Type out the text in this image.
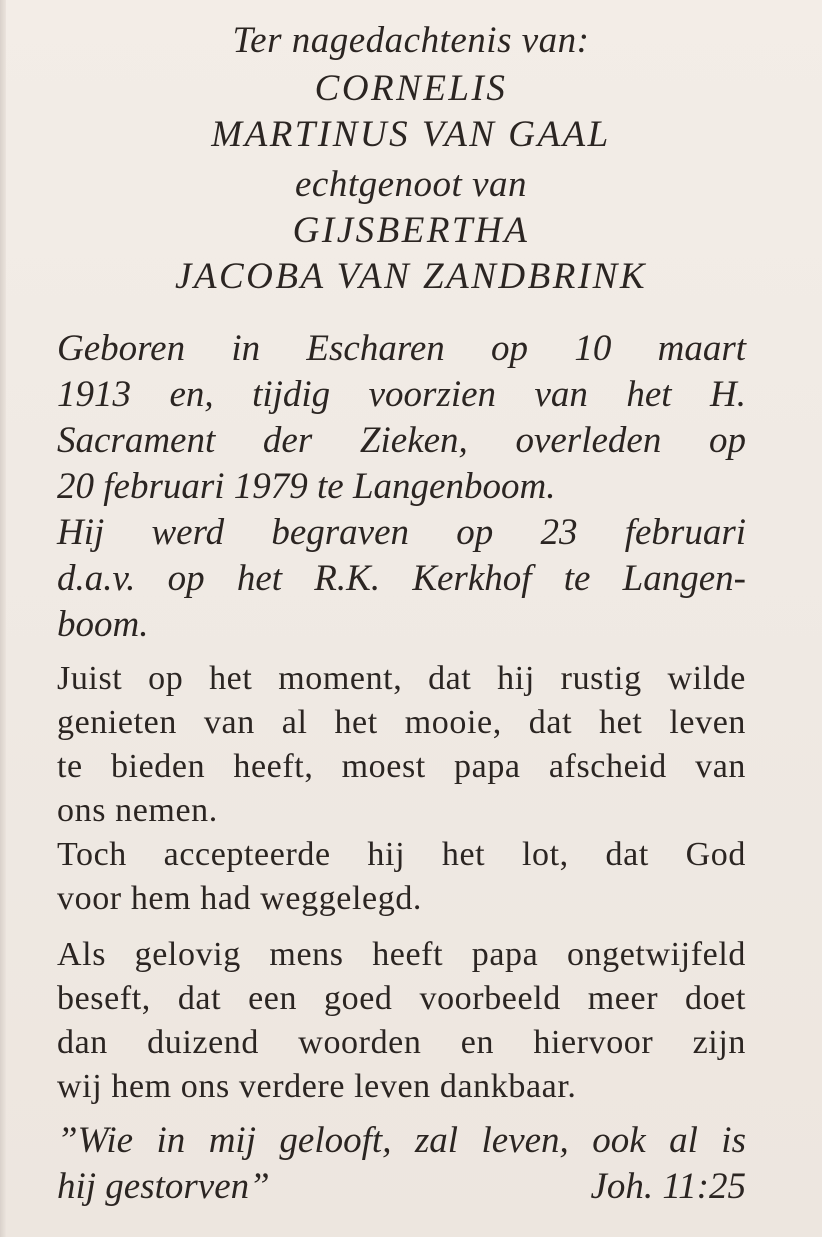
Ter nagedachtenis van:
CORNELIS
MARTINUS VAN GAAL
echtgenoot van
GIJSBERTHA
JACOBA VAN ZANDBRINK
Geboren in Escharen op 10 maart
1913 en, tijdig voorzien van het H.
Sacrament der Zieken, overleden op
20 februari 1979 te Langenboom.
Hij werd begraven op 23 februari
d.a.v. op het R.K. Kerkhof te Langen-
boom.
Juist op het moment, dat hij rustig wilde
genieten van al het mooie, dat het leven
te bieden heeft, moest papa afscheid van
ons nemen.
Toch accepteerde hij het lot, dat God
voor hem had weggelegd.
Als gelovig mens heeft papa ongetwijfeld
beseft, dat een goed voorbeeld meer doet
dan duizend woorden en hiervoor zijn
wij hem ons verdere leven dankbaar.
”Wie in mij gelooft, zal leven, ook al is
hij gestorven”	Joh. 11:25
